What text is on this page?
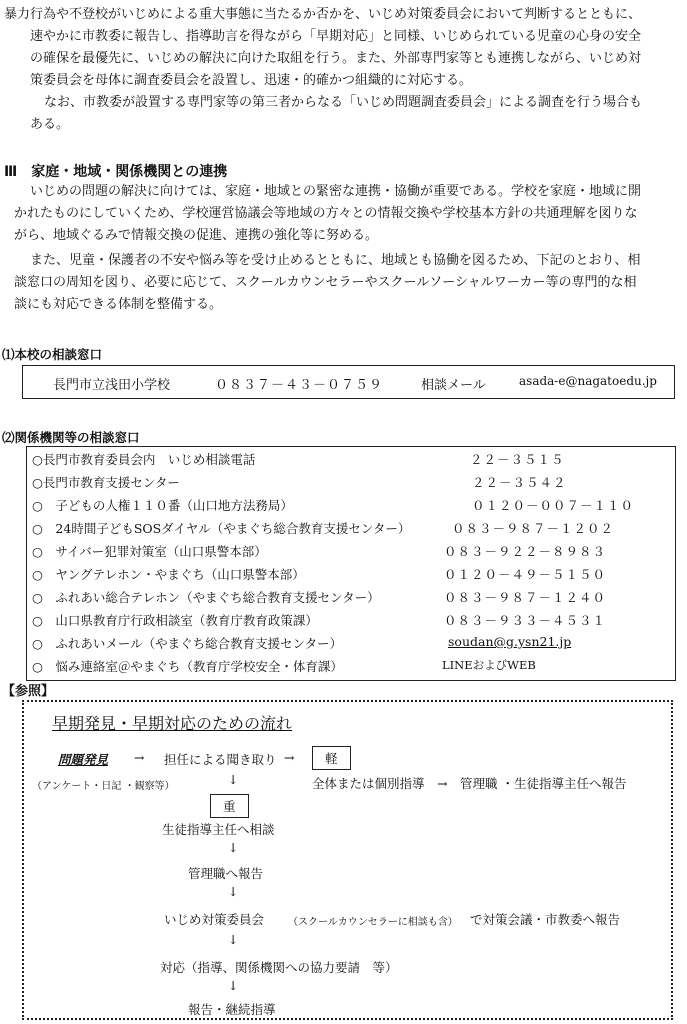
暴力行為や不登校がいじめによる重大事態に当たるか否かを、いじめ対策委員会において判断するとともに、
速やかに市教委に報告し、指導助言を得ながら「早期対応」と同様、いじめられている児童の心身の安全
の確保を最優先に、いじめの解決に向けた取組を行う。また、外部専門家等とも連携しながら、いじめ対
策委員会を母体に調査委員会を設置し、迅速・的確かつ組織的に対応する。
なお、市教委が設置する専門家等の第三者からなる「いじめ問題調査委員会」による調査を行う場合も
ある。
Ⅲ　家庭・地域・関係機関との連携
いじめの問題の解決に向けては、家庭・地域との緊密な連携・協働が重要である。学校を家庭・地域に開
かれたものにしていくため、学校運営協議会等地域の方々との情報交換や学校基本方針の共通理解を図りな
がら、地域ぐるみで情報交換の促進、連携の強化等に努める。
また、児童・保護者の不安や悩み等を受け止めるとともに、地域とも協働を図るため、下記のとおり、相
談窓口の周知を図り、必要に応じて、スクールカウンセラーやスクールソーシャルワーカー等の専門的な相
談にも対応できる体制を整備する。
⑴本校の相談窓口
長門市立浅田小学校	０８３７－４３－０７５９	相談メール	asada-e@nagatoedu.jp
⑵関係機関等の相談窓口
○長門市教育委員会内　いじめ相談電話	２２－３５１５
○長門市教育支援センター	２２－３５４２
○　子どもの人権１１０番（山口地方法務局）	０１２０－００７－１１０
○　24時間子どもSOSダイヤル（やまぐち総合教育支援センター）	０８３－９８７－１２０２
○　サイバー犯罪対策室（山口県警本部）	０８３－９２２－８９８３
○　ヤングテレホン・やまぐち（山口県警本部）	０１２０－４９－５１５０
○　ふれあい総合テレホン（やまぐち総合教育支援センター）	０８３－９８７－１２４０
○　山口県教育庁行政相談室（教育庁教育政策課）	０８３－９３３－４５３１
○　ふれあいメール（やまぐち総合教育支援センター）	soudan@g.ysn21.jp
○　悩み連絡室＠やまぐち（教育庁学校安全・体育課）	LINEおよびWEB
【参照】
早期発見・早期対応のための流れ
問題発見 → 担任による聞き取り →	軽
（アンケート・日記 ・観察等）	↓	全体または個別指導　→　管理職 ・生徒指導主任へ報告
重
生徒指導主任へ相談
↓
管理職へ報告
↓
いじめ対策委員会 （スクールカウンセラーに相談も含） で対策会議・市教委へ報告
↓
対応（指導、関係機関への協力要請　等）
↓
報告・継続指導
